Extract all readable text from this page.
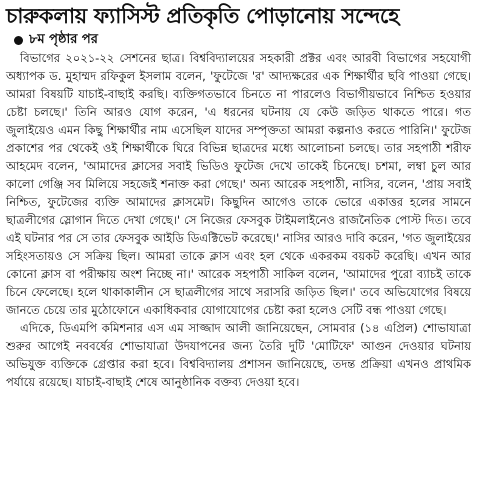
চারুকলায় ফ্যাসিস্ট প্রতিকৃতি পোড়ানোয় সন্দেহে
৮ম পৃষ্ঠার পর

বিভাগের ২০২১-২২ সেশনের ছাত্র। বিশ্ববিদ্যালয়ের সহকারী প্রক্টর এবং আরবী বিভাগের সহযোগী অধ্যাপক ড. মুহাম্মদ রফিকুল ইসলাম বলেন, 'ফুটেজে 'র' আদ্যক্ষরের এক শিক্ষার্থীর ছবি পাওয়া গেছে। আমরা বিষয়টি যাচাই-বাছাই করছি। ব্যক্তিগতভাবে চিনতে না পারলেও বিভাগীয়ভাবে নিশ্চিত হওয়ার চেষ্টা চলছে।' তিনি আরও যোগ করেন, 'এ ধরনের ঘটনায় যে কেউ জড়িত থাকতে পারে। গত জুলাইয়েও এমন কিছু শিক্ষার্থীর নাম এসেছিল যাদের সম্পৃক্ততা আমরা কল্পনাও করতে পারিনি।' ফুটেজ প্রকাশের পর থেকেই ওই শিক্ষার্থীকে ঘিরে বিভিন্ন ছাত্রদের মধ্যে আলোচনা চলছে। তার সহপাঠী শরীফ আহমেদ বলেন, 'আমাদের ক্লাসের সবাই ভিডিও ফুটেজ দেখে তাকেই চিনেছে। চশমা, লম্বা চুল আর কালো গেঞ্জি সব মিলিয়ে সহজেই শনাক্ত করা গেছে।' অন্য আরেক সহপাঠী, নাসির, বলেন, 'প্রায় সবাই নিশ্চিত, ফুটেজের ব্যক্তি আমাদের ক্লাসমেট। কিছুদিন আগেও তাকে ভোরে একাত্তর হলের সামনে ছাত্রলীগের স্লোগান দিতে দেখা গেছে।' সে নিজের ফেসবুক টাইমলাইনেও রাজনৈতিক পোস্ট দিত। তবে এই ঘটনার পর সে তার ফেসবুক আইডি ডিএক্টিভেট করেছে।' নাসির আরও দাবি করেন, 'গত জুলাইয়ের সহিংসতায়ও সে সক্রিয় ছিল। আমরা তাকে ক্লাস এবং হল থেকে একরকম বয়কট করেছি। এখন আর কোনো ক্লাস বা পরীক্ষায় অংশ নিচ্ছে না।' আরেক সহপাঠী সাকিল বলেন, 'আমাদের পুরো ব্যাচই তাকে চিনে ফেলেছে। হলে থাকাকালীন সে ছাত্রলীগের সাথে সরাসরি জড়িত ছিল।' তবে অভিযোগের বিষয়ে জানতে চেয়ে তার মুঠোফোনে একাধিকবার যোগাযোগের চেষ্টা করা হলেও সেটি বন্ধ পাওয়া গেছে।

এদিকে, ডিএমপি কমিশনার এস এম সাজ্জাদ আলী জানিয়েছেন, সোমবার (১৪ এপ্রিল) শোভাযাত্রা শুরুর আগেই নববর্ষের শোভাযাত্রা উদযাপনের জন্য তৈরি দুটি 'মোটিফে' আগুন দেওয়ার ঘটনায় অভিযুক্ত ব্যক্তিকে গ্রেপ্তার করা হবে। বিশ্ববিদ্যালয় প্রশাসন জানিয়েছে, তদন্ত প্রক্রিয়া এখনও প্রাথমিক পর্যায়ে রয়েছে। যাচাই-বাছাই শেষে আনুষ্ঠানিক বক্তব্য দেওয়া হবে।
